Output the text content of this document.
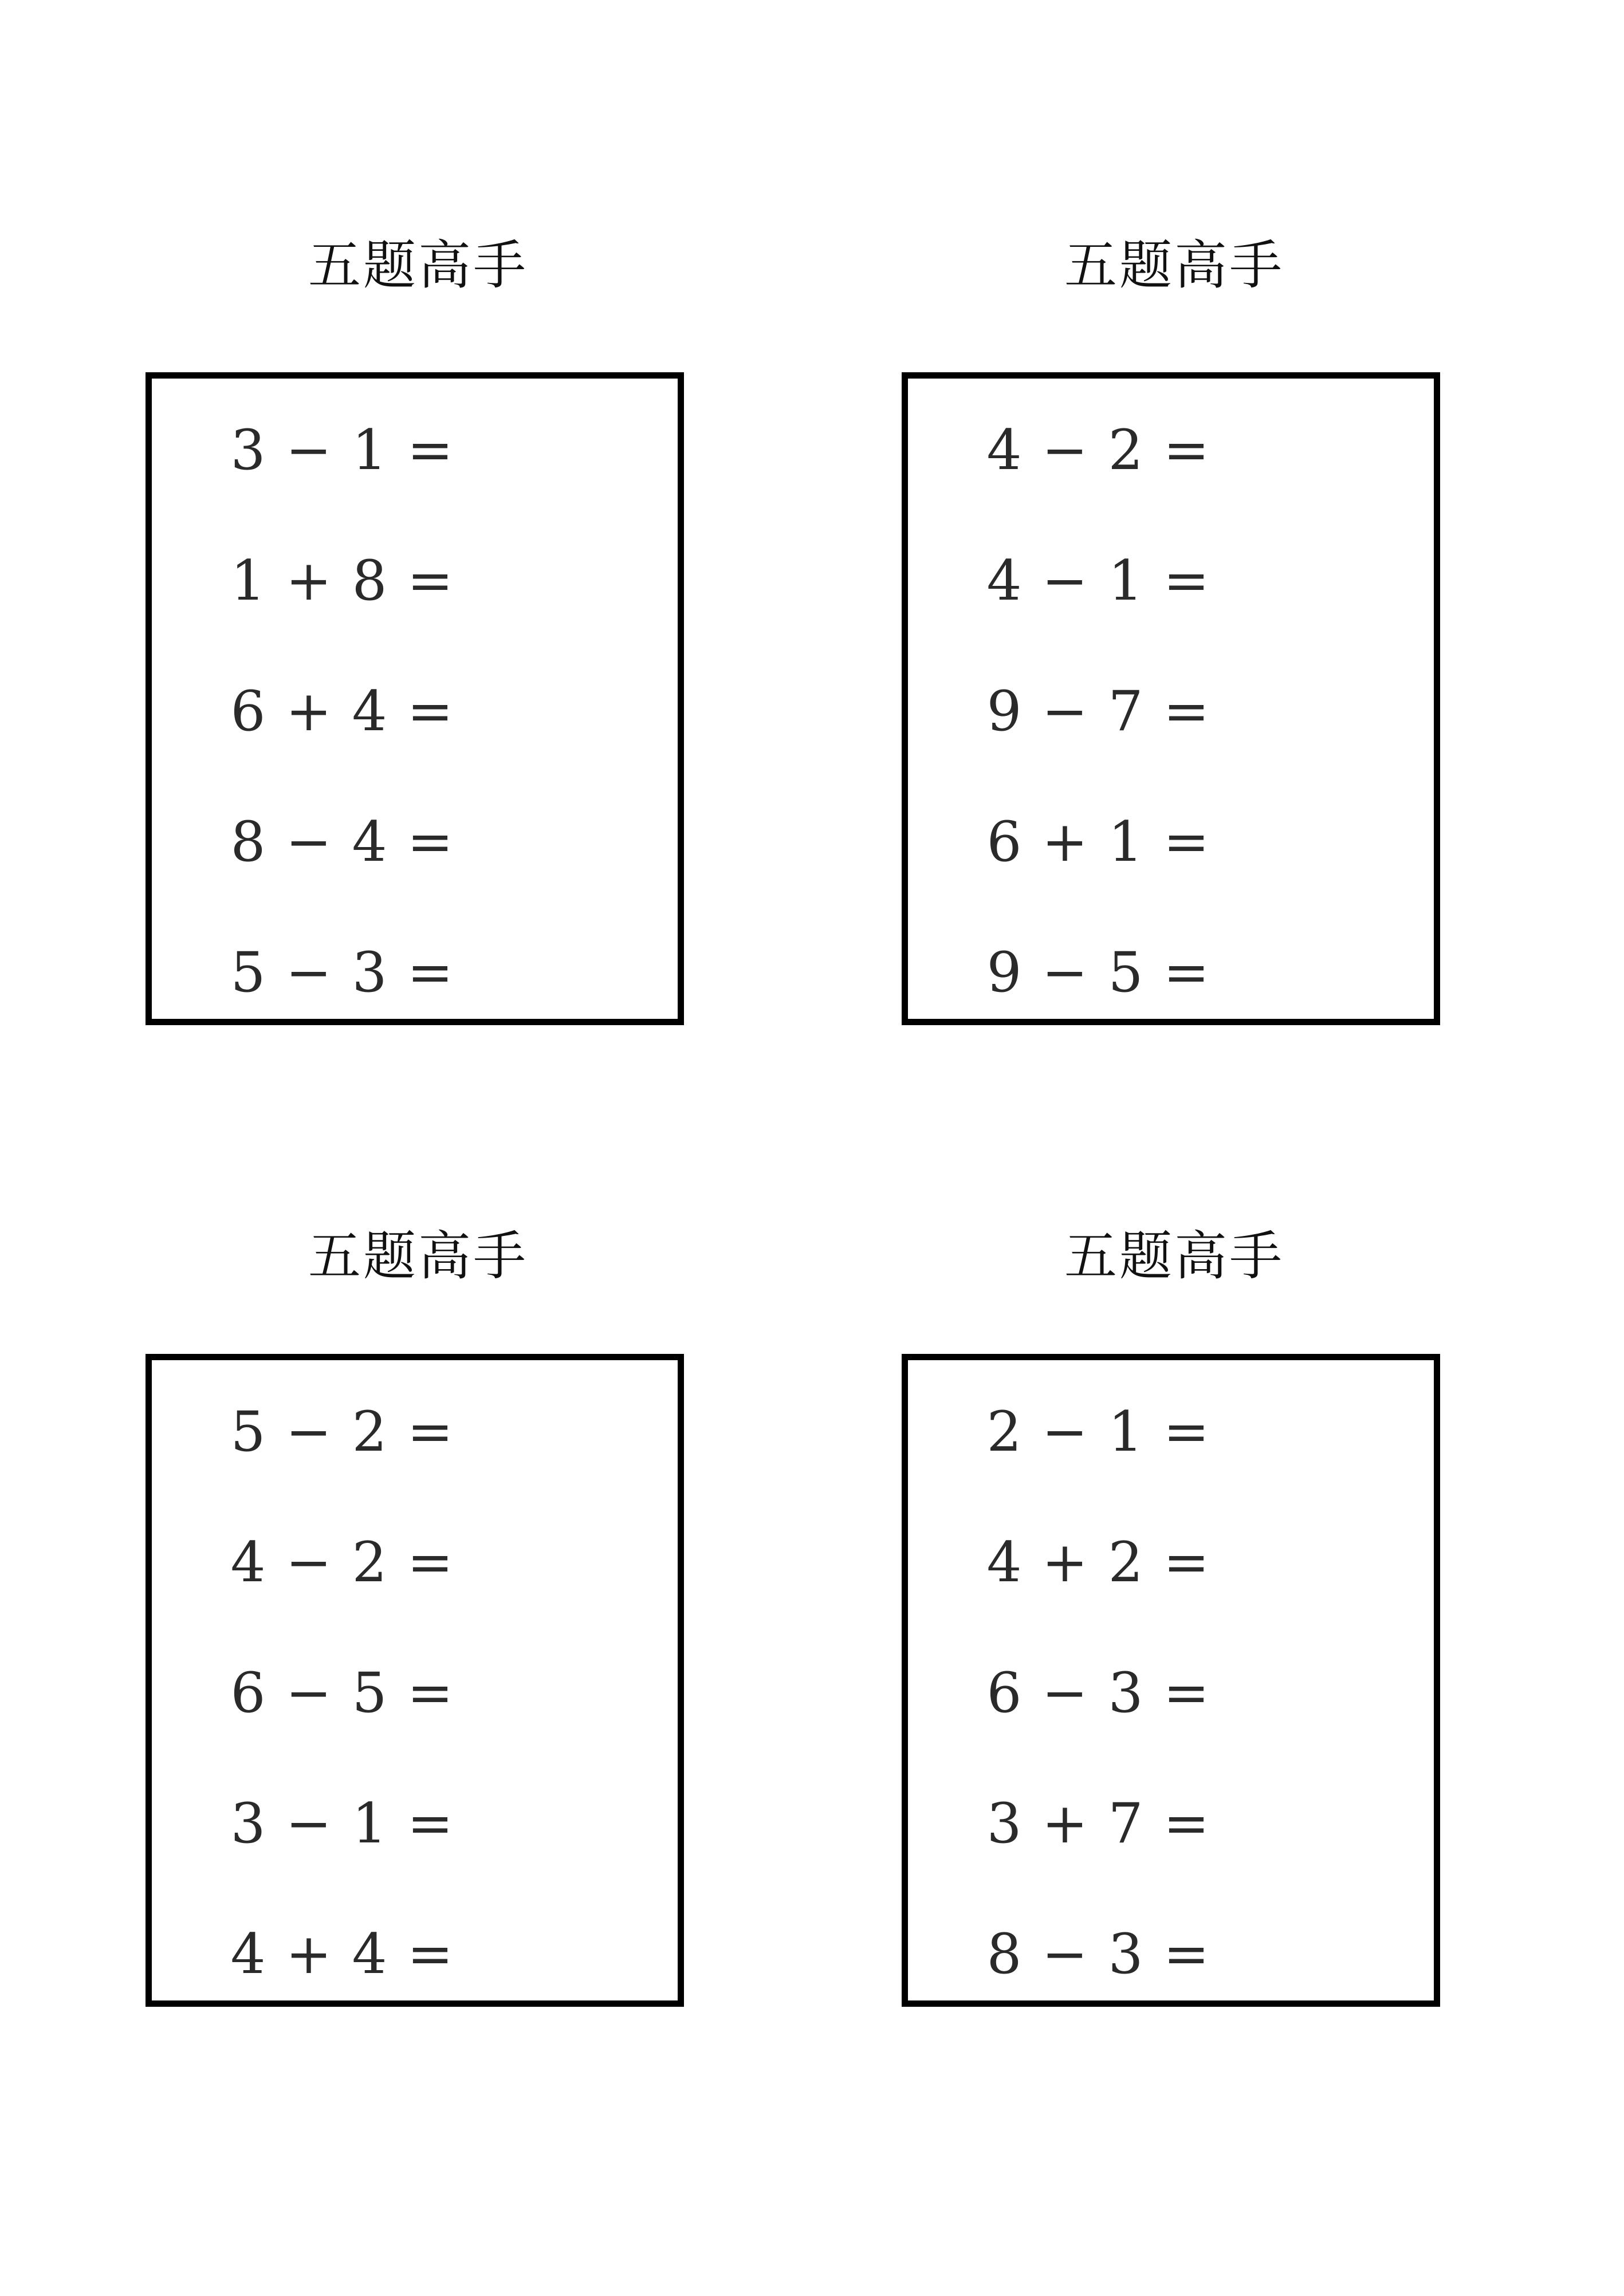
五题高手
3 − 1 =
1 + 8 =
6 + 4 =
8 − 4 =
5 − 3 =
五题高手
4 − 2 =
4 − 1 =
9 − 7 =
6 + 1 =
9 − 5 =
五题高手
5 − 2 =
4 − 2 =
6 − 5 =
3 − 1 =
4 + 4 =
五题高手
2 − 1 =
4 + 2 =
6 − 3 =
3 + 7 =
8 − 3 =
